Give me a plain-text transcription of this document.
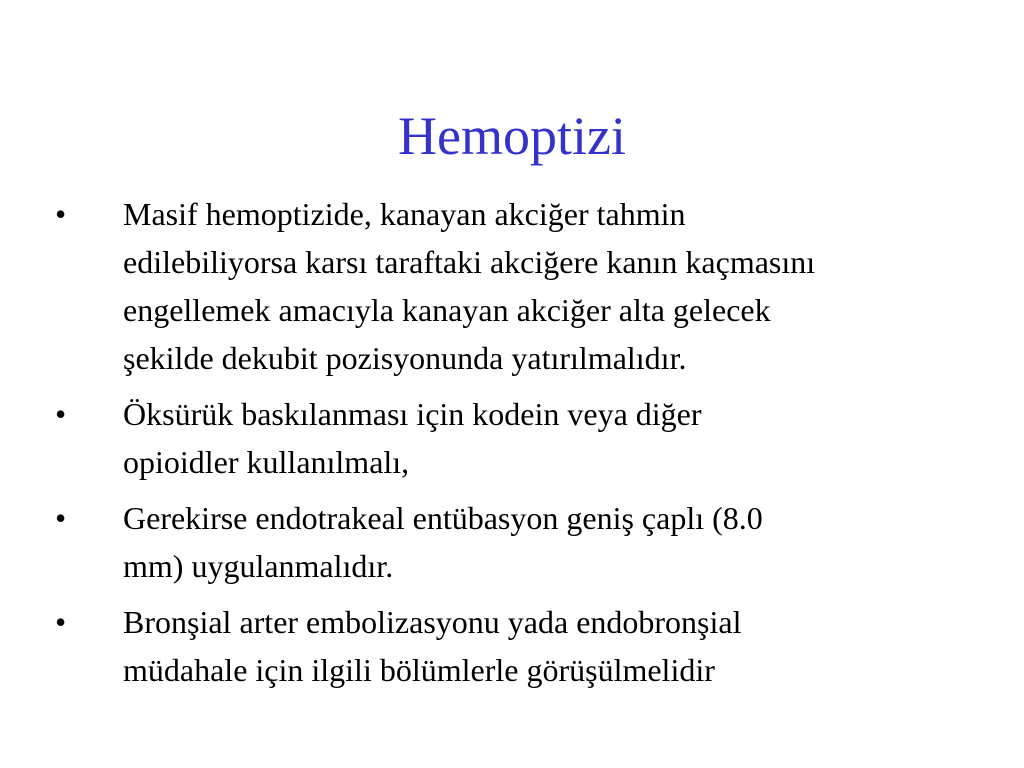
Hemoptizi
• Masif hemoptizide, kanayan akciğer tahmin
edilebiliyorsa karsı taraftaki akciğere kanın kaçmasını
engellemek amacıyla kanayan akciğer alta gelecek
şekilde dekubit pozisyonunda yatırılmalıdır.
• Öksürük baskılanması için kodein veya diğer
opioidler kullanılmalı,
• Gerekirse endotrakeal entübasyon geniş çaplı (8.0
mm) uygulanmalıdır.
• Bronşial arter embolizasyonu yada endobronşial
müdahale için ilgili bölümlerle görüşülmelidir
